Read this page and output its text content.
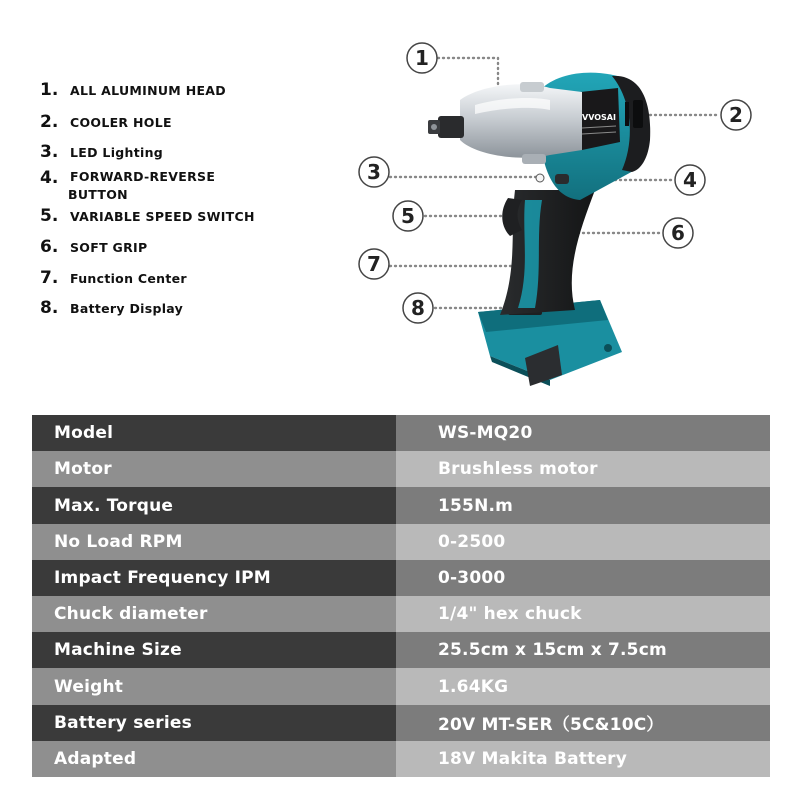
1. ALL ALUMINUM HEAD
2. COOLER HOLE
3. LED Lighting
4. FORWARD-REVERSE
BUTTON
5. VARIABLE SPEED SWITCH
6. SOFT GRIP
7. Function Center
8. Battery Display
VVOSAI
1
2
3	4
5
6
7
8
Model	WS-MQ20
Motor	Brushless motor
Max. Torque	155N.m
No Load RPM	0-2500
Impact Frequency IPM	0-3000
Chuck diameter	1/4" hex chuck
Machine Size	25.5cm x 15cm x 7.5cm
Weight	1.64KG
Battery series	20V MT-SER（5C&10C）
Adapted	18V Makita Battery
